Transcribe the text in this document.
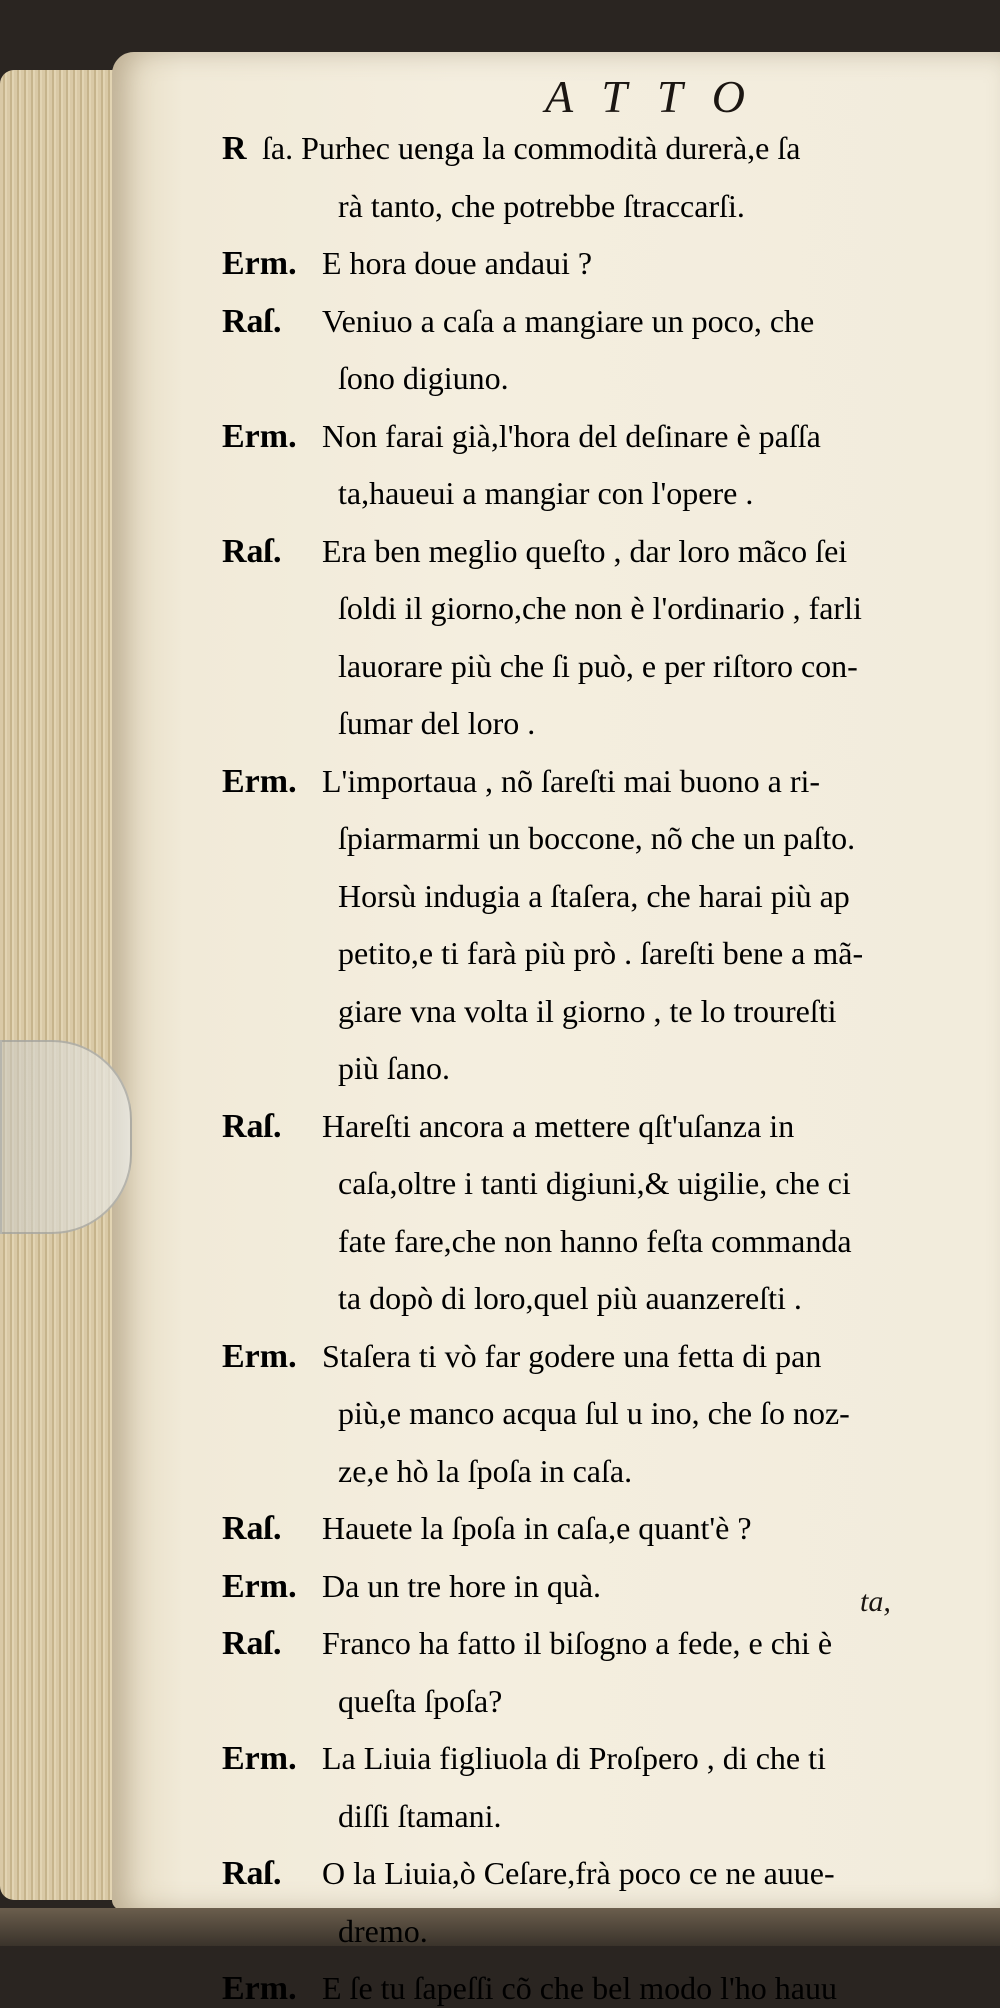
ATTO
R ſa. Purhec uenga la commodità durerà,e ſa
rà tanto, che potrebbe ſtraccarſi.
Erm. E hora doue andaui ?
Raſ. Veniuo a caſa a mangiare un poco, che
ſono digiuno.
Erm. Non farai già,l'hora del deſinare è paſſa
ta,haueui a mangiar con l'opere .
Raſ. Era ben meglio queſto , dar loro mãco ſei
ſoldi il giorno,che non è l'ordinario , farli
lauorare più che ſi può, e per riſtoro con-
ſumar del loro .
Erm. L'importaua , nõ ſareſti mai buono a ri-
ſpiarmarmi un boccone, nõ che un paſto.
Horsù indugia a ſtaſera, che harai più ap
petito,e ti farà più prò . ſareſti bene a mã-
giare vna volta il giorno , te lo troureſti
più ſano.
Raſ. Hareſti ancora a mettere qſt'uſanza in
caſa,oltre i tanti digiuni,& uigilie, che ci
fate fare,che non hanno feſta commanda
ta dopò di loro,quel più auanzereſti .
Erm. Staſera ti vò far godere una fetta di pan
più,e manco acqua ſul u ino, che ſo noz-
ze,e hò la ſpoſa in caſa.
Raſ. Hauete la ſpoſa in caſa,e quant'è ?
Erm. Da un tre hore in quà.
Raſ. Franco ha fatto il biſogno a fede, e chi è
queſta ſpoſa?
Erm. La Liuia figliuola di Proſpero , di che ti
diſſi ſtamani.
Raſ. O la Liuia,ò Ceſare,frà poco ce ne auue-
dremo.
Erm. E ſe tu ſapeſſi cõ che bel modo l'ho hauu
ta,
